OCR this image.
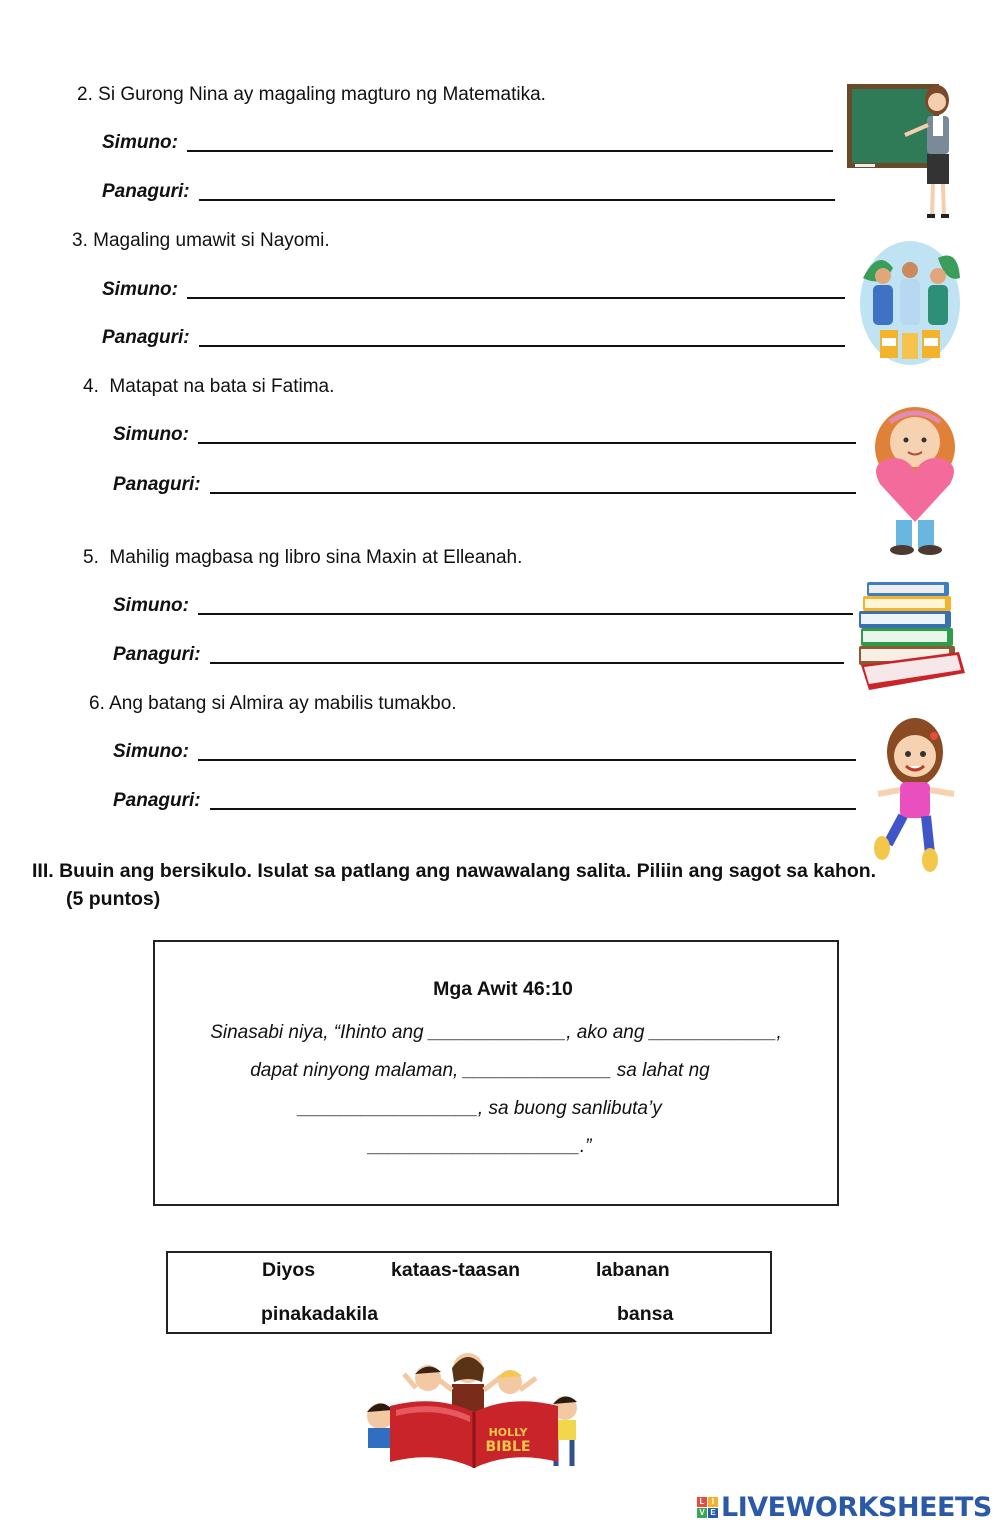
2. Si Gurong Nina ay magaling magturo ng Matematika.
Simuno:
Panaguri:
3. Magaling umawit si Nayomi.
Simuno:
Panaguri:
4. Matapat na bata si Fatima.
Simuno:
Panaguri:
5. Mahilig magbasa ng libro sina Maxin at Elleanah.
Simuno:
Panaguri:
6. Ang batang si Almira ay mabilis tumakbo.
Simuno:
Panaguri:
III. Buuin ang bersikulo. Isulat sa patlang ang nawawalang salita. Piliin ang sagot sa kahon.
(5 puntos)
Mga Awit 46:10
Sinasabi niya, “Ihinto ang _____________, ako ang ____________,
dapat ninyong malaman, ______________ sa lahat ng
_________________, sa buong sanlibuta’y
____________________.”
Diyos	kataas-taasan	labanan
pinakadakila	bansa
HOLLY
BIBLE
L I
V E LIVEWORKSHEETS
